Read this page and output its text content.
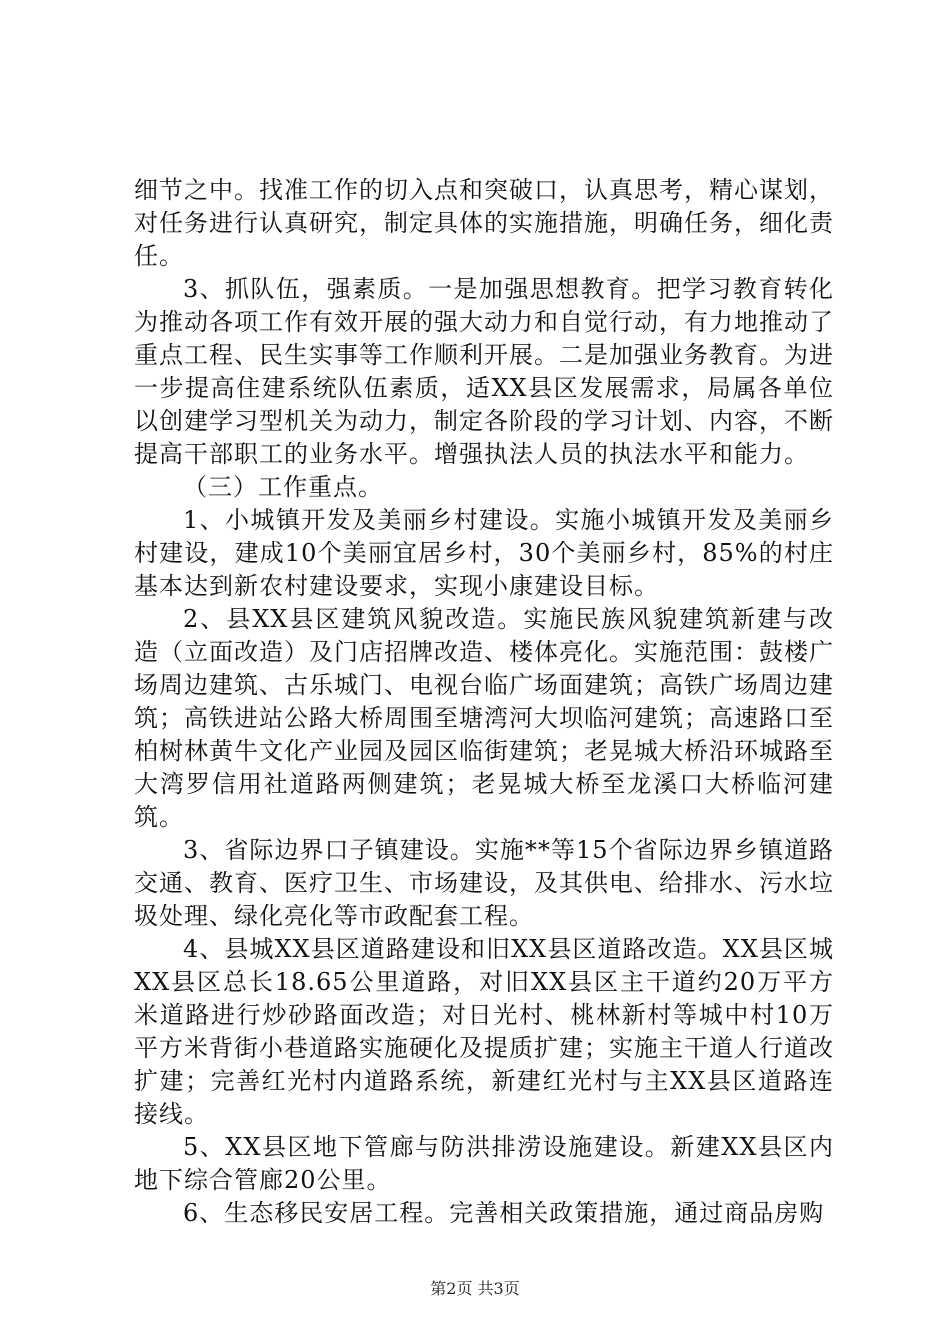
细节之中。找准工作的切入点和突破口，认真思考，精心谋划，对任务进行认真研究，制定具体的实施措施，明确任务，细化责任。

3、抓队伍，强素质。一是加强思想教育。把学习教育转化为推动各项工作有效开展的强大动力和自觉行动，有力地推动了重点工程、民生实事等工作顺利开展。二是加强业务教育。为进一步提高住建系统队伍素质，适XX县区发展需求，局属各单位以创建学习型机关为动力，制定各阶段的学习计划、内容，不断提高干部职工的业务水平。增强执法人员的执法水平和能力。

（三）工作重点。

1、小城镇开发及美丽乡村建设。实施小城镇开发及美丽乡村建设，建成10个美丽宜居乡村，30个美丽乡村，85%的村庄基本达到新农村建设要求，实现小康建设目标。

2、县XX县区建筑风貌改造。实施民族风貌建筑新建与改造（立面改造）及门店招牌改造、楼体亮化。实施范围：鼓楼广场周边建筑、古乐城门、电视台临广场面建筑；高铁广场周边建筑；高铁进站公路大桥周围至塘湾河大坝临河建筑；高速路口至柏树林黄牛文化产业园及园区临街建筑；老晃城大桥沿环城路至大湾罗信用社道路两侧建筑；老晃城大桥至龙溪口大桥临河建筑。

3、省际边界口子镇建设。实施**等15个省际边界乡镇道路交通、教育、医疗卫生、市场建设，及其供电、给排水、污水垃圾处理、绿化亮化等市政配套工程。

4、县城XX县区道路建设和旧XX县区道路改造。XX县区城XX县区总长18.65公里道路，对旧XX县区主干道约20万平方米道路进行炒砂路面改造；对日光村、桃林新村等城中村10万平方米背街小巷道路实施硬化及提质扩建；实施主干道人行道改扩建；完善红光村内道路系统，新建红光村与主XX县区道路连接线。

5、XX县区地下管廊与防洪排涝设施建设。新建XX县区内地下综合管廊20公里。

6、生态移民安居工程。完善相关政策措施，通过商品房购

第2页 共3页
